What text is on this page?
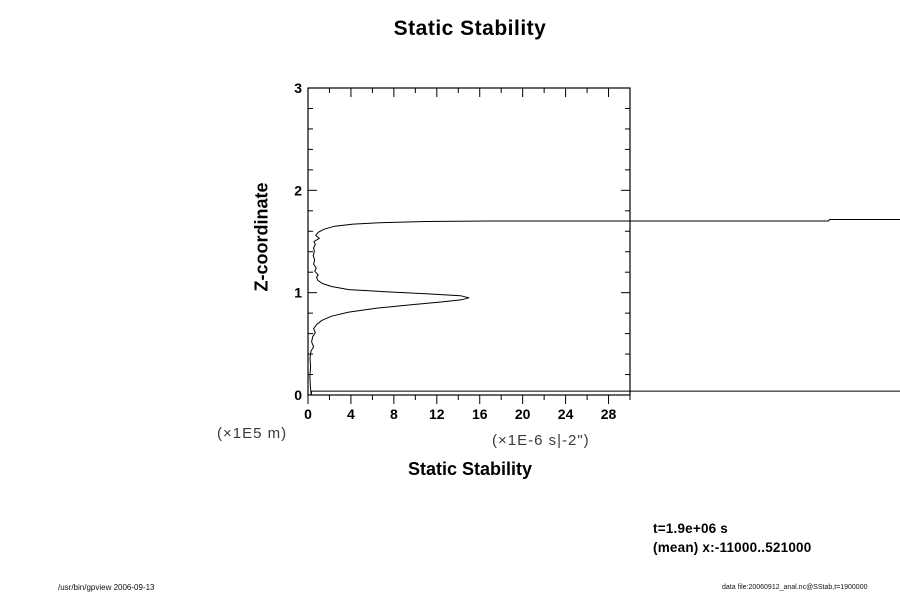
0	4	8 12 16 20 24 28
0
1
2
3
Static Stability
Z-coordinate
(×1E5 m)	(×1E-6 s|-2")
Static Stability
t=1.9e+06 s
(mean) x:-11000..521000
/usr/bin/gpview 2006-09-13	data file:20060912_anal.nc@SStab,t=1900000
